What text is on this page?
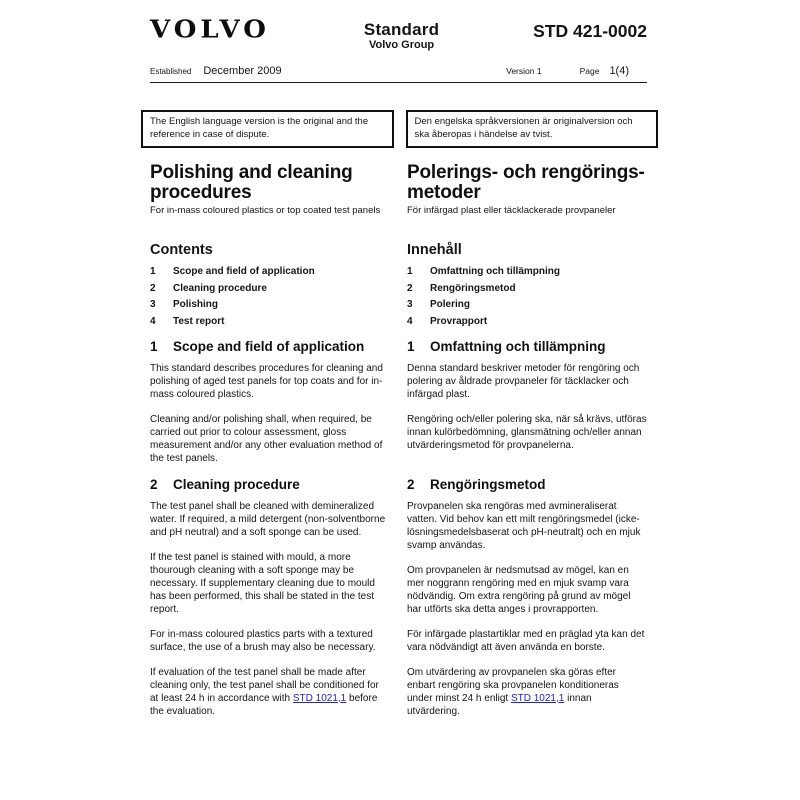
VOLVO	Standard
Volvo Group
STD 421-0002
Established December 2009	Version 1	Page 1(4)
The English language version is the original and the reference in case of dispute.
Den engelska språkversionen är originalversion och ska åberopas i händelse av tvist.
Polishing and cleaning
procedures
For in-mass coloured plastics or top coated test panels
Polerings- och rengörings-
metoder
För infärgad plast eller täcklackerade provpaneler
Contents
1	Scope and field of application
2	Cleaning procedure
3	Polishing
4	Test report
Innehåll
1	Omfattning och tillämpning
2	Rengöringsmetod
3	Polering
4	Provrapport
1	Scope and field of application

This standard describes procedures for cleaning and polishing of aged test panels for top coats and for in-mass coloured plastics.

Cleaning and/or polishing shall, when required, be carried out prior to colour assessment, gloss measurement and/or any other evaluation method of the test panels.

1	Omfattning och tillämpning

Denna standard beskriver metoder för rengöring och polering av åldrade provpaneler för täcklacker och infärgad plast.

Rengöring och/eller polering ska, när så krävs, utföras innan kulörbedömning, glansmätning och/eller annan utvärderingsmetod för provpanelerna.

2	Cleaning procedure

The test panel shall be cleaned with demineralized water. If required, a mild detergent (non-solventborne and pH neutral) and a soft sponge can be used.

If the test panel is stained with mould, a more thourough cleaning with a soft sponge may be necessary. If supplementary cleaning due to mould has been performed, this shall be stated in the test report.

For in-mass coloured plastics parts with a textured surface, the use of a brush may also be necessary.

If evaluation of the test panel shall be made after cleaning only, the test panel shall be conditioned for at least 24 h in accordance with STD 1021,1 before the evaluation.

2	Rengöringsmetod

Provpanelen ska rengöras med avmineraliserat vatten. Vid behov kan ett milt rengöringsmedel (icke-lösningsmedelsbaserat och pH-neutralt) och en mjuk svamp användas.

Om provpanelen är nedsmutsad av mögel, kan en mer noggrann rengöring med en mjuk svamp vara nödvändig. Om extra rengöring på grund av mögel har utförts ska detta anges i provrapporten.

För infärgade plastartiklar med en präglad yta kan det vara nödvändigt att även använda en borste.

Om utvärdering av provpanelen ska göras efter enbart rengöring ska provpanelen konditioneras under minst 24 h enligt STD 1021,1 innan utvärdering.
